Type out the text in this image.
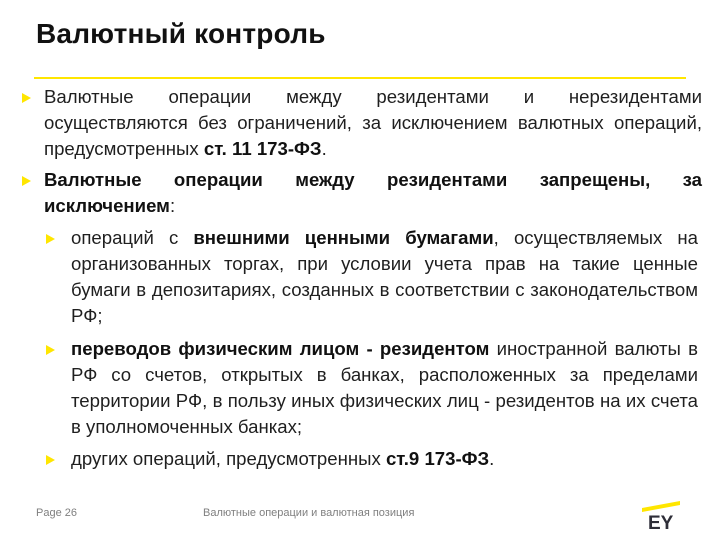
Валютный контроль
Валютные операции между резидентами и нерезидентами осуществляются без ограничений, за исключением валютных операций, предусмотренных ст. 11 173-ФЗ.
Валютные операции между резидентами запрещены, за исключением:
операций с внешними ценными бумагами, осуществляемых на организованных торгах, при условии учета прав на такие ценные бумаги в депозитариях, созданных в соответствии с законодательством РФ;
переводов физическим лицом - резидентом иностранной валюты в РФ со счетов, открытых в банках, расположенных за пределами территории РФ, в пользу иных физических лиц - резидентов на их счета в уполномоченных банках;
других операций, предусмотренных ст.9 173-ФЗ.
Page 26	Валютные операции и валютная позиция	EY
